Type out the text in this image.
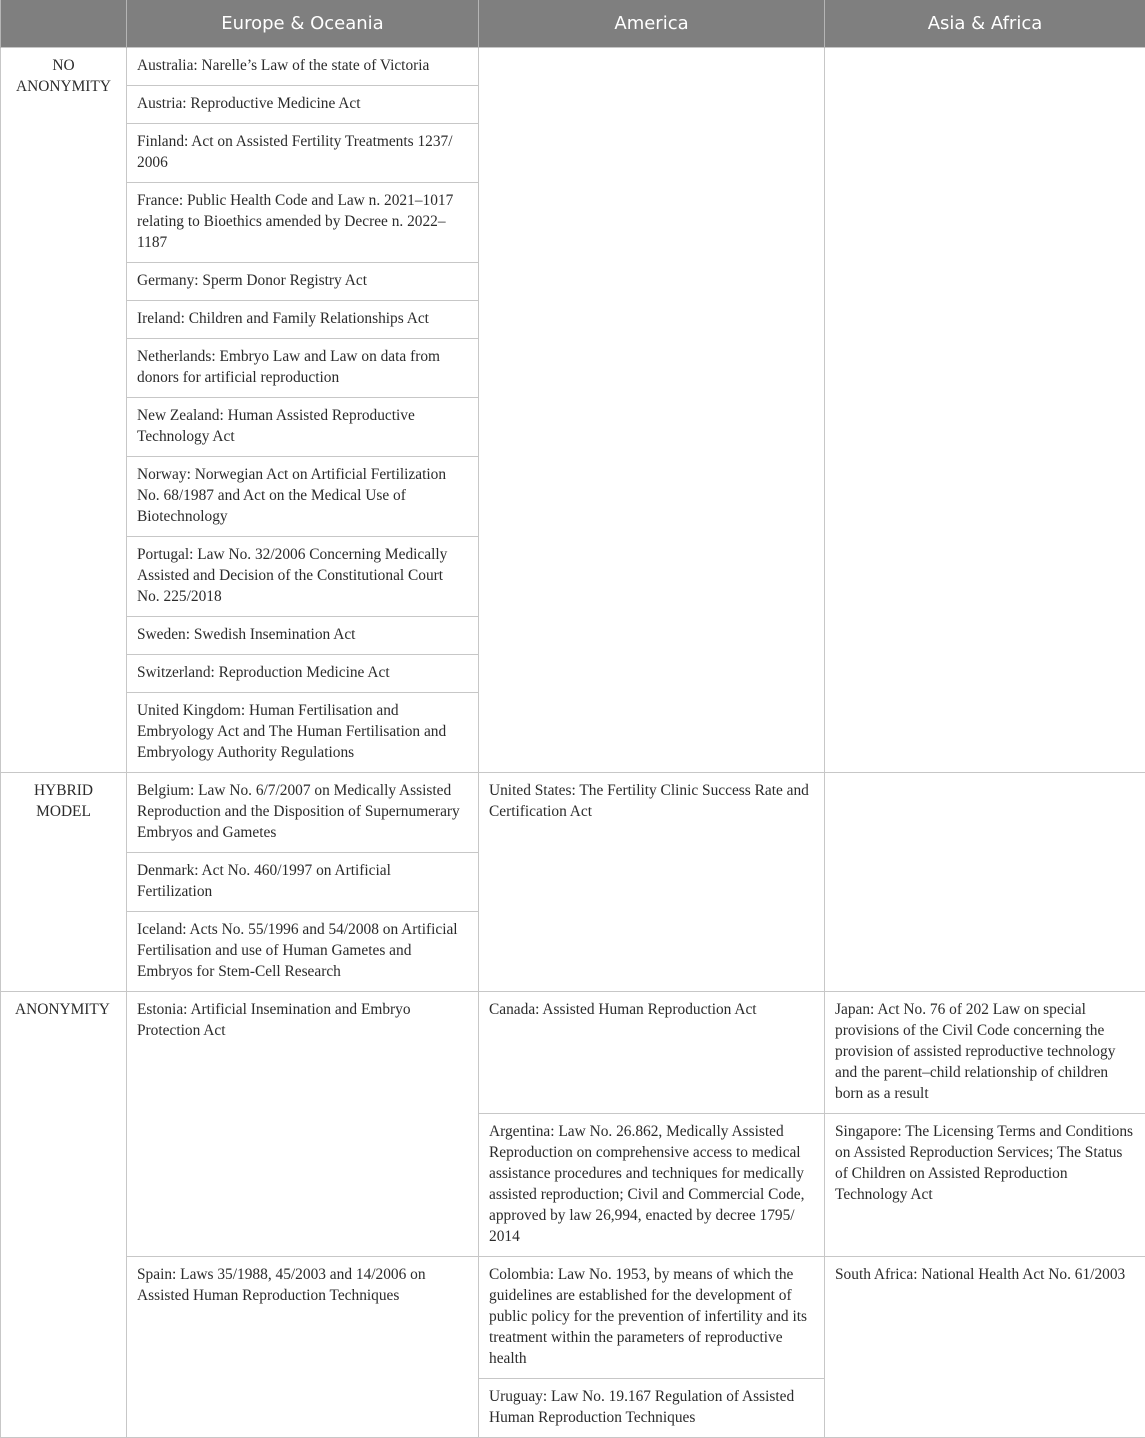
	Europe & Oceania	America	Asia & Africa
NO ANONYMITY	Australia: Narelle’s Law of the state of Victoria		
	Austria: Reproductive Medicine Act		
	Finland: Act on Assisted Fertility Treatments 1237/ 2006		
	France: Public Health Code and Law n. 2021–1017 relating to Bioethics amended by Decree n. 2022–1187		
	Germany: Sperm Donor Registry Act		
	Ireland: Children and Family Relationships Act		
	Netherlands: Embryo Law and Law on data from donors for artificial reproduction		
	New Zealand: Human Assisted Reproductive Technology Act		
	Norway: Norwegian Act on Artificial Fertilization No. 68/1987 and Act on the Medical Use of Biotechnology		
	Portugal: Law No. 32/2006 Concerning Medically Assisted and Decision of the Constitutional Court No. 225/2018		
	Sweden: Swedish Insemination Act		
	Switzerland: Reproduction Medicine Act		
	United Kingdom: Human Fertilisation and Embryology Act and The Human Fertilisation and Embryology Authority Regulations		
HYBRID MODEL	Belgium: Law No. 6/7/2007 on Medically Assisted Reproduction and the Disposition of Supernumerary Embryos and Gametes	United States: The Fertility Clinic Success Rate and Certification Act	
	Denmark: Act No. 460/1997 on Artificial Fertilization		
	Iceland: Acts No. 55/1996 and 54/2008 on Artificial Fertilisation and use of Human Gametes and Embryos for Stem-Cell Research		
ANONYMITY	Estonia: Artificial Insemination and Embryo Protection Act	Canada: Assisted Human Reproduction Act	Japan: Act No. 76 of 202 Law on special provisions of the Civil Code concerning the provision of assisted reproductive technology and the parent–child relationship of children born as a result
		Argentina: Law No. 26.862, Medically Assisted Reproduction on comprehensive access to medical assistance procedures and techniques for medically assisted reproduction; Civil and Commercial Code, approved by law 26,994, enacted by decree 1795/ 2014	Singapore: The Licensing Terms and Conditions on Assisted Reproduction Services; The Status of Children on Assisted Reproduction Technology Act
	Spain: Laws 35/1988, 45/2003 and 14/2006 on Assisted Human Reproduction Techniques	Colombia: Law No. 1953, by means of which the guidelines are established for the development of public policy for the prevention of infertility and its treatment within the parameters of reproductive health	South Africa: National Health Act No. 61/2003
		Uruguay: Law No. 19.167 Regulation of Assisted Human Reproduction Techniques	
